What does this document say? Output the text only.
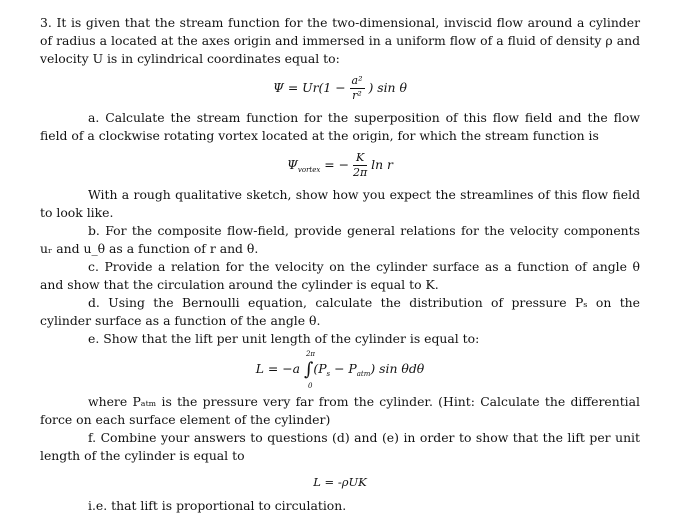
3. It is given that the stream function for the two-dimensional, inviscid flow around a cylinder of radius a located at the axes origin and immersed in a uniform flow of a fluid of density ρ and velocity U is in cylindrical coordinates equal to:

$\Psi = Ur(1 - \frac{\text{a²}}{\text{r²}}$ ) sin θ

a. Calculate the stream function for the superposition of this flow field and the flow field of a clockwise rotating vortex located at the origin, for which the stream function is

$\Psi_{vortex}$ = − $\frac{K}{2\pi}$ ln r

With a rough qualitative sketch, show how you expect the streamlines of this flow field to look like.

b. For the composite flow-field, provide general relations for the velocity components uᵣ and u_θ as a function of r and θ.

c. Provide a relation for the velocity on the cylinder surface as a function of angle θ and show that the circulation around the cylinder is equal to K.

d. Using the Bernoulli equation, calculate the distribution of pressure Pₛ on the cylinder surface as a function of the angle θ.

e. Show that the lift per unit length of the cylinder is equal to:

L = −a
2π
∫
0
$(P_s - P_{atm})$ sin θdθ

where Pₐₜₘ is the pressure very far from the cylinder. (Hint: Calculate the differential force on each surface element of the cylinder)

f. Combine your answers to questions (d) and (e) in order to show that the lift per unit length of the cylinder is equal to

L = -ρUK

i.e. that lift is proportional to circulation.
